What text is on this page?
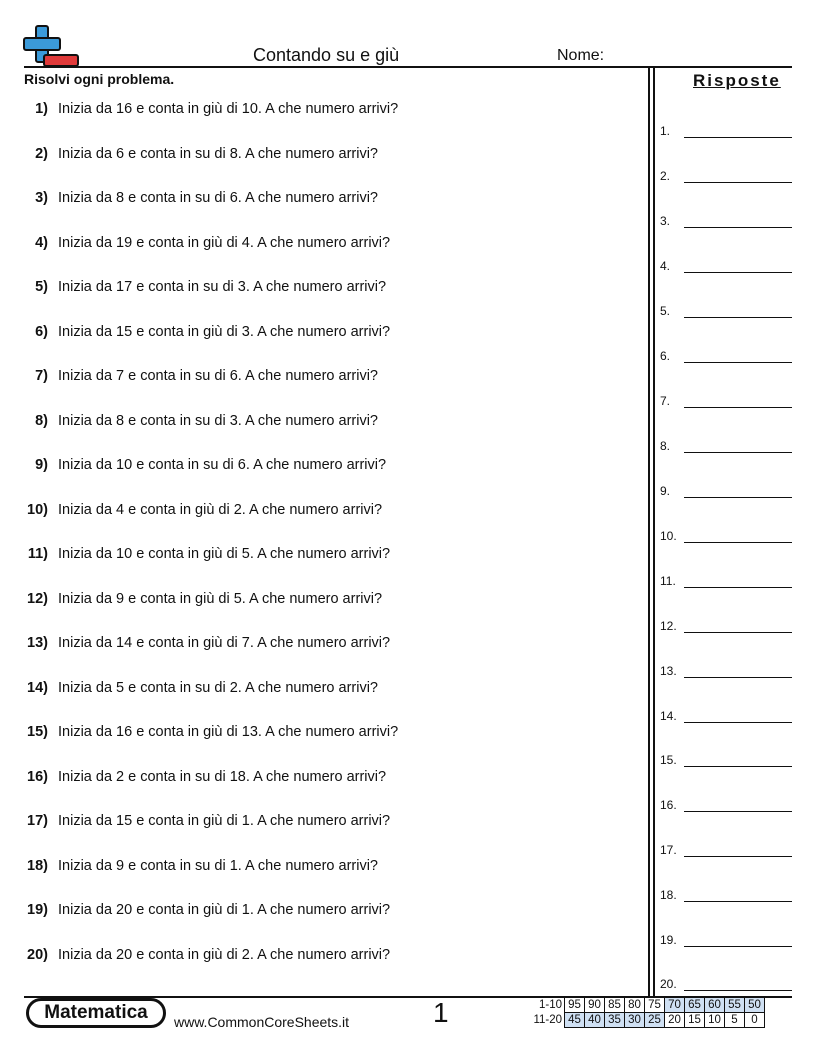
Contando su e giù	Nome:
Risolvi ogni problema.	Risposte
1) Inizia da 16 e conta in giù di 10. A che numero arrivi?
2) Inizia da 6 e conta in su di 8. A che numero arrivi?
3) Inizia da 8 e conta in su di 6. A che numero arrivi?
4) Inizia da 19 e conta in giù di 4. A che numero arrivi?
5) Inizia da 17 e conta in su di 3. A che numero arrivi?
6) Inizia da 15 e conta in giù di 3. A che numero arrivi?
7) Inizia da 7 e conta in su di 6. A che numero arrivi?
8) Inizia da 8 e conta in su di 3. A che numero arrivi?
9) Inizia da 10 e conta in su di 6. A che numero arrivi?
10) Inizia da 4 e conta in giù di 2. A che numero arrivi?
11) Inizia da 10 e conta in giù di 5. A che numero arrivi?
12) Inizia da 9 e conta in giù di 5. A che numero arrivi?
13) Inizia da 14 e conta in giù di 7. A che numero arrivi?
14) Inizia da 5 e conta in su di 2. A che numero arrivi?
15) Inizia da 16 e conta in giù di 13. A che numero arrivi?
16) Inizia da 2 e conta in su di 18. A che numero arrivi?
17) Inizia da 15 e conta in giù di 1. A che numero arrivi?
18) Inizia da 9 e conta in su di 1. A che numero arrivi?
19) Inizia da 20 e conta in giù di 1. A che numero arrivi?
20) Inizia da 20 e conta in giù di 2. A che numero arrivi?
1.
2.
3.
4.
5.
6.
7.
8.
9.
10.
11.
12.
13.
14.
15.
16.
17.
18.
19.
20.
Matematica	www.CommonCoreSheets.it	1	1-10	95	90	85	80	75	70	65	60	55	50
11-20	45	40	35	30	25	20	15	10	5	0
